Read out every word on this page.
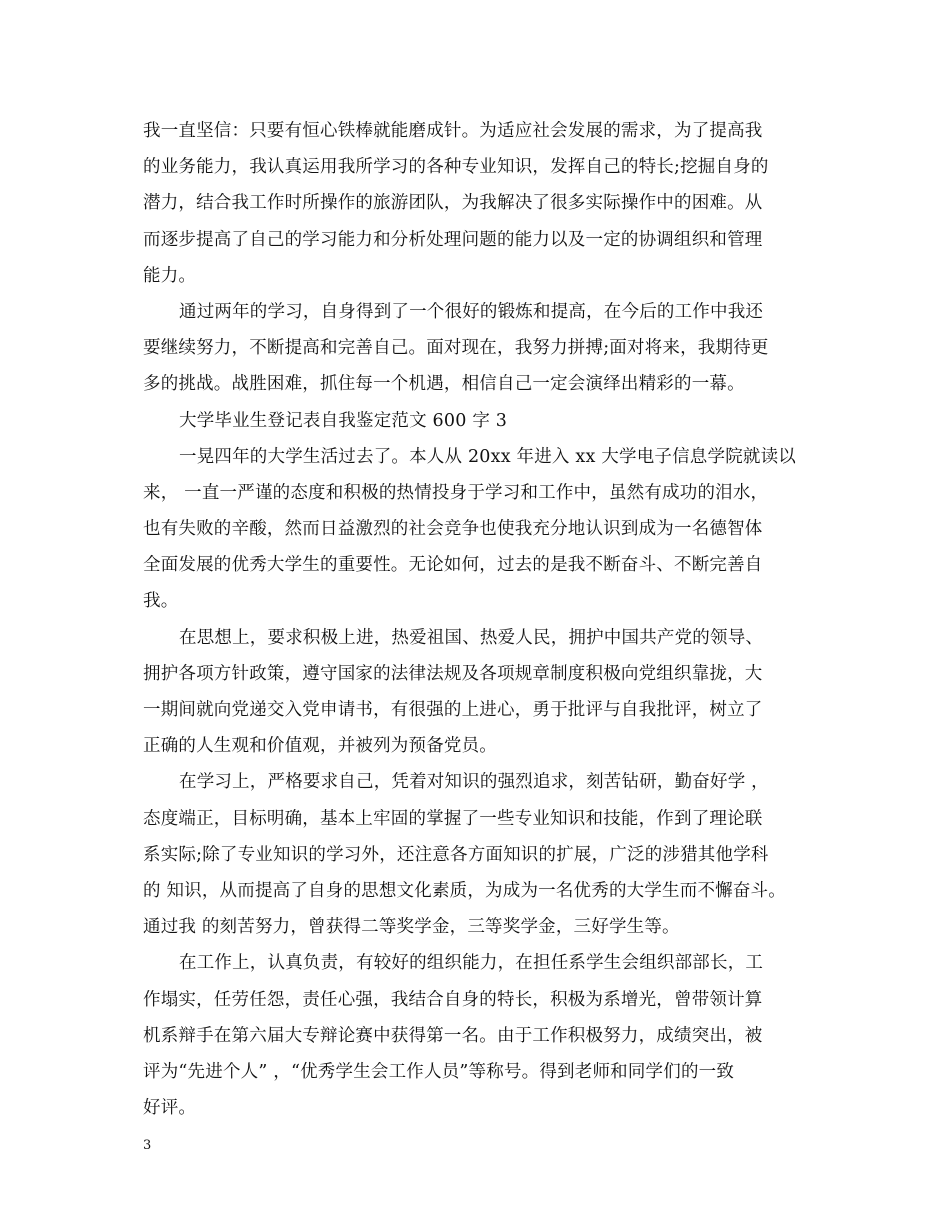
我一直坚信：只要有恒心铁棒就能磨成针。为适应社会发展的需求，为了提高我
的业务能力，我认真运用我所学习的各种专业知识，发挥自己的特长;挖掘自身的
潜力，结合我工作时所操作的旅游团队，为我解决了很多实际操作中的困难。从
而逐步提高了自己的学习能力和分析处理问题的能力以及一定的协调组织和管理
能力。
通过两年的学习，自身得到了一个很好的锻炼和提高，在今后的工作中我还
要继续努力，不断提高和完善自己。面对现在，我努力拼搏;面对将来，我期待更
多的挑战。战胜困难，抓住每一个机遇，相信自己一定会演绎出精彩的一幕。
大学毕业生登记表自我鉴定范文 600 字 3
一晃四年的大学生活过去了。本人从 20xx 年进入 xx 大学电子信息学院就读以
来， 一直一严谨的态度和积极的热情投身于学习和工作中，虽然有成功的泪水，
也有失败的辛酸，然而日益激烈的社会竞争也使我充分地认识到成为一名德智体
全面发展的优秀大学生的重要性。无论如何，过去的是我不断奋斗、不断完善自
我。
在思想上，要求积极上进，热爱祖国、热爱人民，拥护中国共产党的领导、
拥护各项方针政策，遵守国家的法律法规及各项规章制度积极向党组织靠拢，大
一期间就向党递交入党申请书，有很强的上进心，勇于批评与自我批评，树立了
正确的人生观和价值观，并被列为预备党员。
在学习上，严格要求自己，凭着对知识的强烈追求，刻苦钻研，勤奋好学 ，
态度端正，目标明确，基本上牢固的掌握了一些专业知识和技能，作到了理论联
系实际;除了专业知识的学习外，还注意各方面知识的扩展，广泛的涉猎其他学科
的 知识，从而提高了自身的思想文化素质，为成为一名优秀的大学生而不懈奋斗。
通过我 的刻苦努力，曾获得二等奖学金，三等奖学金，三好学生等。
在工作上，认真负责，有较好的组织能力，在担任系学生会组织部部长，工
作塌实，任劳任怨，责任心强，我结合自身的特长，积极为系增光，曾带领计算
机系辩手在第六届大专辩论赛中获得第一名。由于工作积极努力，成绩突出，被
评为“先进个人” ，“优秀学生会工作人员”等称号。得到老师和同学们的一致
好评。
3
